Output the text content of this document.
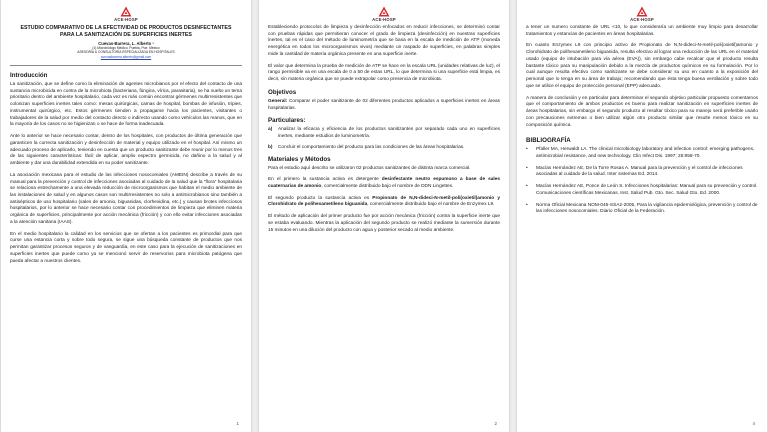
ACE-HOSP
ESTUDIO COMPARATIVO DE LA EFECTIVIDAD DE PRODUCTOS DESINFECTANTES PARA LA SANITIZACIÓN DE SUPERFICIES INERTES
Cuevas-Barrera, L. Alberto ¹
(1) Microbiólogo Médico, Puebla, Pue. México
ASESORÍA & CONSULTORÍA ESPECIALIZADA EN HOSPITALES
cuevasbarrera.alberto@gmail.com
Introducción

La sanitización, que se define como la eliminación de agentes microbianos por el efecto del contacto de una sustancia microbicida en contra de la microbiota (bacteriana, fúngica, vírica, parasitaria), se ha vuelto un tema prioritario dentro del ambiente hospitalario, cada vez es más común encontrar gérmenes multirresistentes que colonizan superficies inertes tales como: mesas quirúrgicas, camas de hospital, bombas de infusión, tripies, instrumental quirúrgico, etc. Estos gérmenes tienden a propagarse hacia los pacientes, visitantes o trabajadores de la salud por medio del contacto directo o indirecto usando como vehículos las manos, que en la mayoría de los casos no se higienizan o se hace de forma inadecuada.

Ante lo anterior se hace necesario contar, dentro de los hospitales, con productos de última generación que garanticen la correcta sanitización y desinfección de material y equipo utilizado en el hospital. Así mismo un adecuado proceso de aplicarlo, teniendo en cuenta que un producto sanitizante debe reunir por lo menos tres de las siguientes características: fácil de aplicar, amplio espectro germicida, no dañino a la salud y al ambiente y dar una durabilidad extendida en su poder sanitizante.

La asociación mexicana para el estudio de las infecciones nosocomiales (AMEIN) describe a través de su manual para la prevención y control de infecciones asociadas al cuidado de la salud que la “flora” hospitalaria se relaciona estrechamente a una elevada reducción de microorganismos que habitan el medio ambiente de las instalaciones de salud y en algunos casos son multirresistentes no solo a antimicrobianos sino también a antisépticos de uso hospitalario (sales de amonio, biguanidas, clorhexidina, etc.) y causan brotes infecciosos hospitalarios, por lo anterior se hace necesario contar con procedimientos de limpieza que eliminen materia orgánica de superficies, principalmente por acción mecánica (fricción) y con ello evitar infecciones asociadas a la atención sanitaria (IAAS).

En el medio hospitalario la calidad en los servicios que se ofertan a los pacientes es primordial para que curse una estancia corta y sobre todo segura, se sigue una búsqueda constante de productos que nos permitan garantizar procesos seguros y de vanguardia, en este caso para la ejecución de sanitizaciones en superficies inertes que puede como ya se mencionó servir de reservorios para microbiota patógena que pueda afectar a nuestros clientes.

1
ACE-HOSP

Estableciendo protocolos de limpieza y desinfección enfocados en reducir infecciones, se determinó contar con pruebas rápidas que permitieran conocer el grado de limpieza (desinfección) en nuestras superficies inertes, tal es el caso del método de luminometría que se basa en la escala de medición de ATP (moneda energética en todos los microorganismos vivos) mediante un raspado de superficies, en palabras simples mide la cantidad de materia orgánica presente en una superficie inerte.

El valor que determina la prueba de medición de ATP se hace en la escala URL (unidades relativas de luz), el rango permisible va en una escala de 0 a 50 de estas URL, lo que determina si una superficie está limpia, es decir, sin materia orgánica que se puede extrapolar como presencia de microbiota.

Objetivos

General: Comparar el poder sanitizante de 02 diferentes productos aplicados a superficies inertes en áreas hospitalarias.

Particulares:
a)	Analizar la eficacia y eficiencia de los productos sanitizantes por separado cada uno en superficies inertes, mediante estudios de luminometría.
b)	Concluir el comportamiento del producto para las condiciones de las áreas hospitalarias.
Materiales y Métodos

Para el estudio aquí descrito se utilizaron 02 productos sanitizantes de distinta marca comercial.

En el primero la sustancia activa es detergente desinfectante neutro espumoso a base de sales cuaternarias de amonio, comercialmente distribuido bajo el nombre de DDN Lingettes.

El segundo producto la sustancia activa es Propionato de N,N-dideci-N-metil-poli(oxietil)amonio y Clorohidrato de polihexametileno biguanida, comercialmente distribuido bajo el nombre de Enzymex L9.

El método de aplicación del primer producto fue por acción mecánica (fricción) contra la superficie inerte que se estaba evaluando. Mientras la aplicación del segundo producto se realizó mediante la sumersión durante 15 minutos en una dilución del producto con agua y posterior secado al medio ambiente.

2
ACE-HOSP

a tener un numero constante de URL <10, lo que consideraría un ambiente muy limpio para desarrollar tratamientos y estancias de pacientes en áreas hospitalarias.

En cuanto Enzymex L9 con principio activo de Propionato de N,N-dideci-N-metil-poli(oxietil)amonio y Clorohidrato de polihexametileno biguanida, resulta efectivo al lograr una reducción de las URL en el material usado (equipo de intubación para vía aérea (EVA)), sin embargo cabe recalcar que el producto resulta bastante tóxico para su manipulación debido a la mezcla de productos químicos en su formulación. Por lo cual aunque resulta efectivo como sanitizante se debe considerar su uso en cuanto a la exposición del personal que lo tenga en su área de trabajo; recomendando que ésta tenga buena ventilación y sobre todo que se utilice el equipo de protección personal (EPP) adecuado.

A manera de conclusión y en particular para determinar el segundo objetivo particular propuesto comentamos que el comportamiento de ambos productos es bueno para realizar sanitización en superficies inertes de áreas hospitalarias, sin embargo el segundo producto al resultar tóxico para su manejo será preferible usarlo con precauciones extremas o bien utilizar algún otro producto similar que resulte menos tóxico en su composición química.

BIBLIOGRAFÍA
•	Pfaller MA, Herwaldt LA. The clinical microbiology laboratory and infection control: emerging pathogens, antimicrobial resistance, and new technology. Clin Infect Dis. 1997; 25:858-70.
•	Macías Hernández AE, De la Torre Rosas A. Manual para la prevención y el control de infecciones asociadas al cuidado de la salud. Inter sistemas Ed. 2014.
•	Macías Hernández AE, Ponce de León S. Infecciones hospitalarias: Manual para su prevención y control. Comunicaciones científicas Mexicanas. Inst. Salud Pub. Gto. Sec. Salud Gto. Ed. 2000.
•	Norma Oficial Mexicana NOM-045-SSA2-2005, Para la vigilancia epidemiológica, prevención y control de las infecciones nosocomiales. Diario Oficial de la Federación.
4
